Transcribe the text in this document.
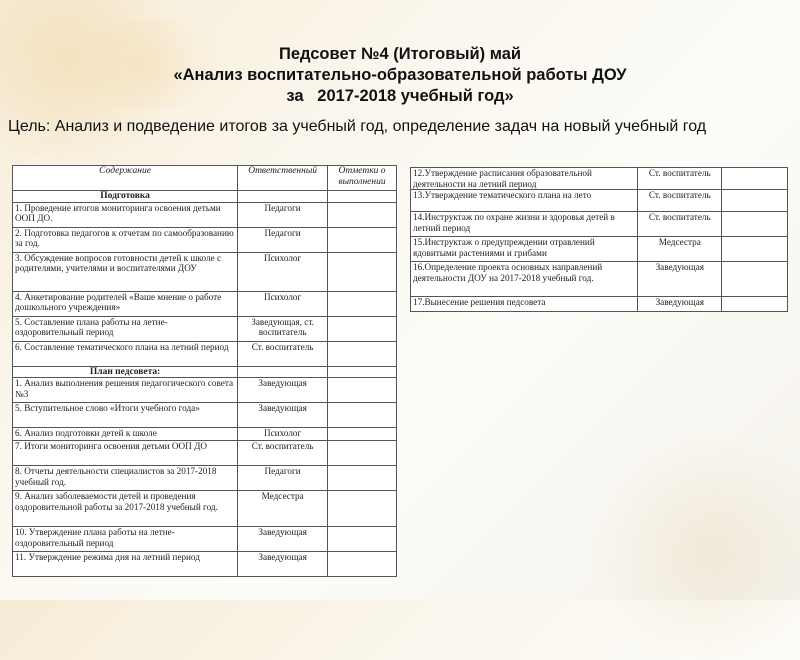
Педсовет №4 (Итоговый) май
«Анализ воспитательно-образовательной работы ДОУ
за   2017-2018 учебный год»
Цель: Анализ и подведение итогов за учебный год, определение задач на новый учебный год
Содержание	Ответственный	Отметки о выполнении
Подготовка		
1. Проведение итогов мониторинга освоения детьми ООП ДО.	Педагоги	
2. Подготовка педагогов к отчетам по самообразованию за год.	Педагоги	
3. Обсуждение вопросов готовности детей к школе с родителями, учителями и воспитателями ДОУ	Психолог	
4. Анкетирование родителей «Ваше мнение о работе дошкольного учреждения»	Психолог	
5. Составление плана работы на летне-оздоровительный период	Заведующая, ст. воспитатель	
6. Составление тематического плана на летний период	Ст. воспитатель	
План педсовета:		
1. Анализ выполнения решения педагогического совета №3	Заведующая	
5. Вступительное слово «Итоги учебного года»	Заведующая	
6. Анализ подготовки детей к школе	Психолог	
7. Итоги мониторинга освоения детьми ООП ДО	Ст. воспитатель	
8. Отчеты деятельности специалистов за 2017-2018 учебный год.	Педагоги	
9. Анализ заболеваемости детей и проведения оздоровительной работы за 2017-2018 учебный год.	Медсестра	
10. Утверждение плана работы на летне-оздоровительный период	Заведующая	
11. Утверждение режима дня на летний период	Заведующая	
12.Утверждение расписания образовательной деятельности на летний период	Ст. воспитатель	
13.Утверждение тематического плана на лето	Ст. воспитатель	
14.Инструктаж по охране жизни и здоровья детей в летний период	Ст. воспитатель	
15.Инструктаж о предупреждении отравлений ядовитыми растениями и грибами	Медсестра	
16.Определение проекта основных направлений деятельности ДОУ на 2017-2018 учебный год.	Заведующая	
17.Вынесение решения педсовета	Заведующая	
